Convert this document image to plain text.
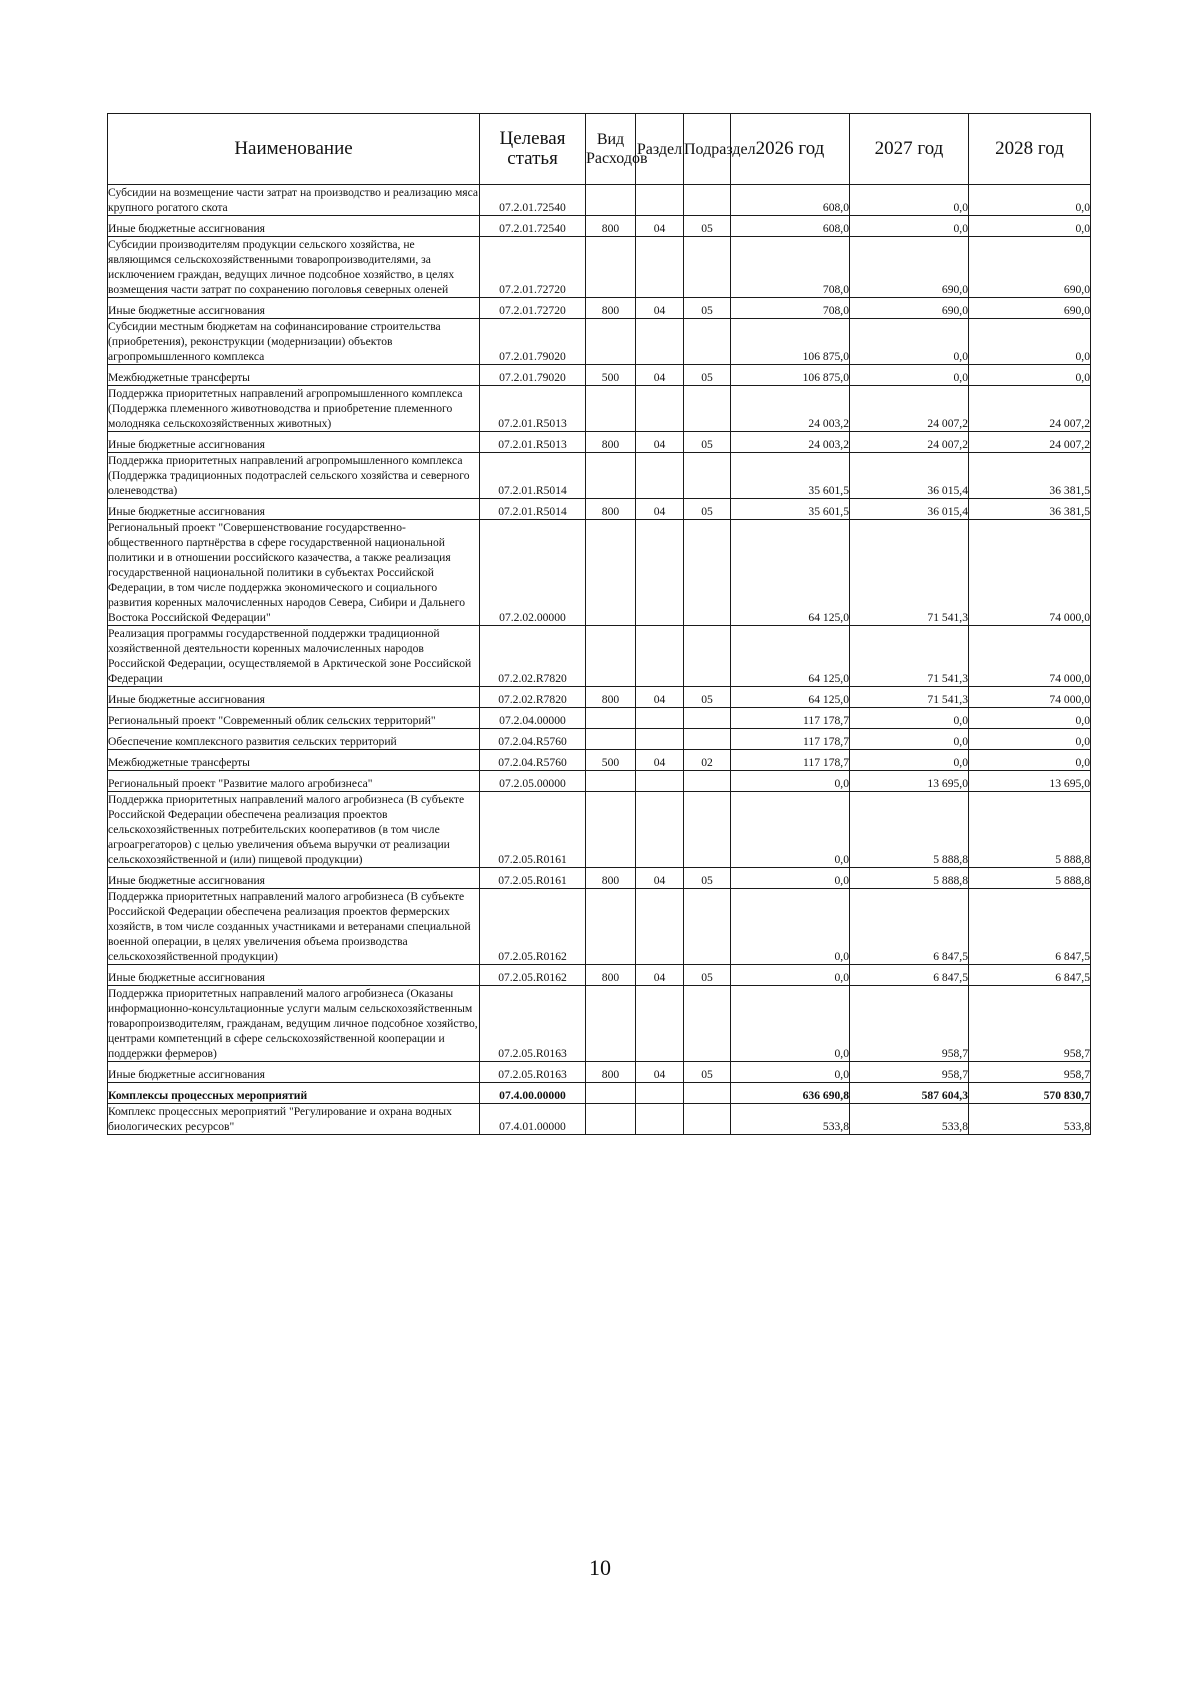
Наименование	Целевая статья	Вид Расходов	Раздел	Подраздел	2026 год	2027 год	2028 год
Субсидии на возмещение части затрат на производство и реализацию мяса крупного рогатого скота	07.2.01.72540				608,0	0,0	0,0
Иные бюджетные ассигнования	07.2.01.72540	800	04	05	608,0	0,0	0,0
Субсидии производителям продукции сельского хозяйства, не являющимся сельскохозяйственными товаропроизводителями, за исключением граждан, ведущих личное подсобное хозяйство, в целях возмещения части затрат по сохранению поголовья северных оленей	07.2.01.72720				708,0	690,0	690,0
Иные бюджетные ассигнования	07.2.01.72720	800	04	05	708,0	690,0	690,0
Субсидии местным бюджетам на софинансирование строительства (приобретения), реконструкции (модернизации) объектов агропромышленного комплекса	07.2.01.79020				106 875,0	0,0	0,0
Межбюджетные трансферты	07.2.01.79020	500	04	05	106 875,0	0,0	0,0
Поддержка приоритетных направлений агропромышленного комплекса (Поддержка племенного животноводства и приобретение племенного молодняка сельскохозяйственных животных)	07.2.01.R5013				24 003,2	24 007,2	24 007,2
Иные бюджетные ассигнования	07.2.01.R5013	800	04	05	24 003,2	24 007,2	24 007,2
Поддержка приоритетных направлений агропромышленного комплекса (Поддержка традиционных подотраслей сельского хозяйства и северного оленеводства)	07.2.01.R5014				35 601,5	36 015,4	36 381,5
Иные бюджетные ассигнования	07.2.01.R5014	800	04	05	35 601,5	36 015,4	36 381,5
Региональный проект "Совершенствование государственно-общественного партнёрства в сфере государственной национальной политики и в отношении российского казачества, а также реализация государственной национальной политики в субъектах Российской Федерации, в том числе поддержка экономического и социального развития коренных малочисленных народов Севера, Сибири и Дальнего Востока Российской Федерации"	07.2.02.00000				64 125,0	71 541,3	74 000,0
Реализация программы государственной поддержки традиционной хозяйственной деятельности коренных малочисленных народов Российской Федерации, осуществляемой в Арктической зоне Российской Федерации	07.2.02.R7820				64 125,0	71 541,3	74 000,0
Иные бюджетные ассигнования	07.2.02.R7820	800	04	05	64 125,0	71 541,3	74 000,0
Региональный проект "Современный облик сельских территорий"	07.2.04.00000				117 178,7	0,0	0,0
Обеспечение комплексного развития сельских территорий	07.2.04.R5760				117 178,7	0,0	0,0
Межбюджетные трансферты	07.2.04.R5760	500	04	02	117 178,7	0,0	0,0
Региональный проект "Развитие малого агробизнеса"	07.2.05.00000				0,0	13 695,0	13 695,0
Поддержка приоритетных направлений малого агробизнеса (В субъекте Российской Федерации обеспечена реализация проектов сельскохозяйственных потребительских кооперативов (в том числе агроагрегаторов) с целью увеличения объема выручки от реализации сельскохозяйственной и (или) пищевой продукции)	07.2.05.R0161				0,0	5 888,8	5 888,8
Иные бюджетные ассигнования	07.2.05.R0161	800	04	05	0,0	5 888,8	5 888,8
Поддержка приоритетных направлений малого агробизнеса (В субъекте Российской Федерации обеспечена реализация проектов фермерских хозяйств, в том числе созданных участниками и ветеранами специальной военной операции, в целях увеличения объема производства сельскохозяйственной продукции)	07.2.05.R0162				0,0	6 847,5	6 847,5
Иные бюджетные ассигнования	07.2.05.R0162	800	04	05	0,0	6 847,5	6 847,5
Поддержка приоритетных направлений малого агробизнеса (Оказаны информационно-консультационные услуги малым сельскохозяйственным товаропроизводителям, гражданам, ведущим личное подсобное хозяйство, центрами компетенций в сфере сельскохозяйственной кооперации и поддержки фермеров)	07.2.05.R0163				0,0	958,7	958,7
Иные бюджетные ассигнования	07.2.05.R0163	800	04	05	0,0	958,7	958,7
Комплексы процессных мероприятий	07.4.00.00000				636 690,8	587 604,3	570 830,7
Комплекс процессных мероприятий "Регулирование и охрана водных биологических ресурсов"	07.4.01.00000				533,8	533,8	533,8
10
